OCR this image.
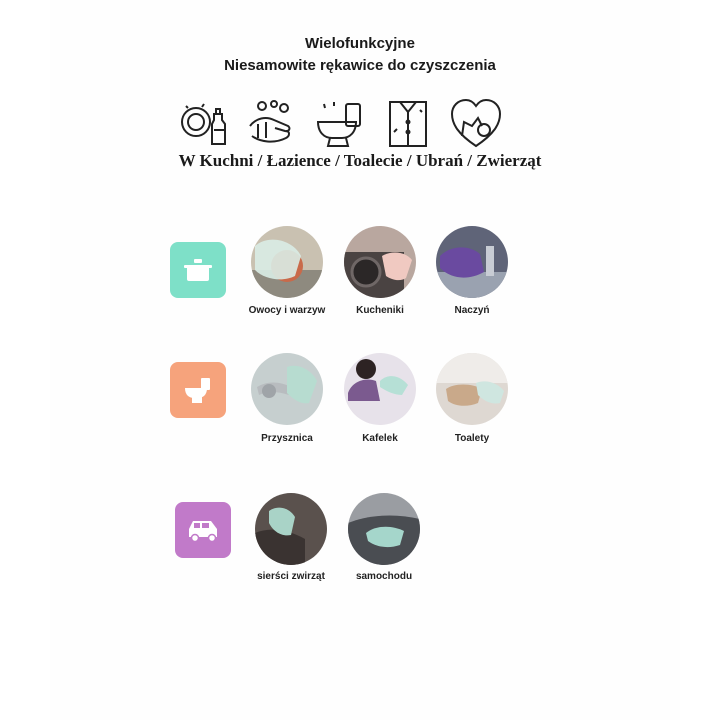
Wielofunkcyjne
Niesamowite rękawice do czyszczenia
W Kuchni / Łazience / Toalecie / Ubrań / Zwierząt
Owocy i warzyw	Kucheniki	Naczyń
Przysznica	Kafelek	Toalety
sierści zwirząt	samochodu
